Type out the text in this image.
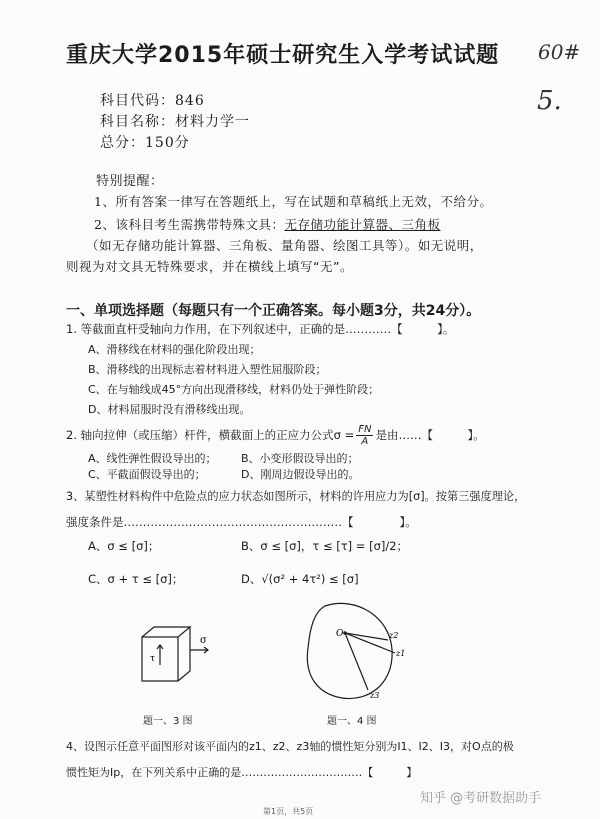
重庆大学2015年硕士研究生入学考试试题 60#
5.
科目代码：846
科目名称：材料力学一
总分：150分
特别提醒：
1、所有答案一律写在答题纸上，写在试题和草稿纸上无效，不给分。
2、该科目考生需携带特殊文具：无存储功能计算器、三角板
（如无存储功能计算器、三角板、量角器、绘图工具等）。如无说明，
则视为对文具无特殊要求，并在横线上填写“无”。
一、单项选择题（每题只有一个正确答案。每小题3分，共24分）。
1. 等截面直杆受轴向力作用，在下列叙述中，正确的是…………【　　　】。
A、滑移线在材料的强化阶段出现；
B、滑移线的出现标志着材料进入塑性屈服阶段；
C、在与轴线成45°方向出现滑移线，材料仍处于弹性阶段；
D、材料屈服时没有滑移线出现。
2. 轴向拉伸（或压缩）杆件，横截面上的正应力公式$\sigma = \frac{FN}{A}$ 是由……【　　　】。
A、线性弹性假设导出的； B、小变形假设导出的；
C、平截面假设导出的；	D、刚周边假设导出的。
3、某塑性材料构件中危险点的应力状态如图所示，材料的许用应力为[σ]。按第三强度理论，
强度条件是…………………………………………………【　　　　】。
A、σ ≤ [σ]；	B、σ ≤ [σ]，τ ≤ [τ] = [σ]/2；
C、σ + τ ≤ [σ]；	D、√(σ² + 4τ²) ≤ [σ]
σ
τ
O
z1
z2
z3
题一、3 图	题一、4 图
4、设图示任意平面图形对该平面内的z1、z2、z3轴的惯性矩分别为I1、I2、I3，对O点的极
惯性矩为Ip，在下列关系中正确的是……………………………【　　　】
第1页，共5页
知乎 @考研数据助手
